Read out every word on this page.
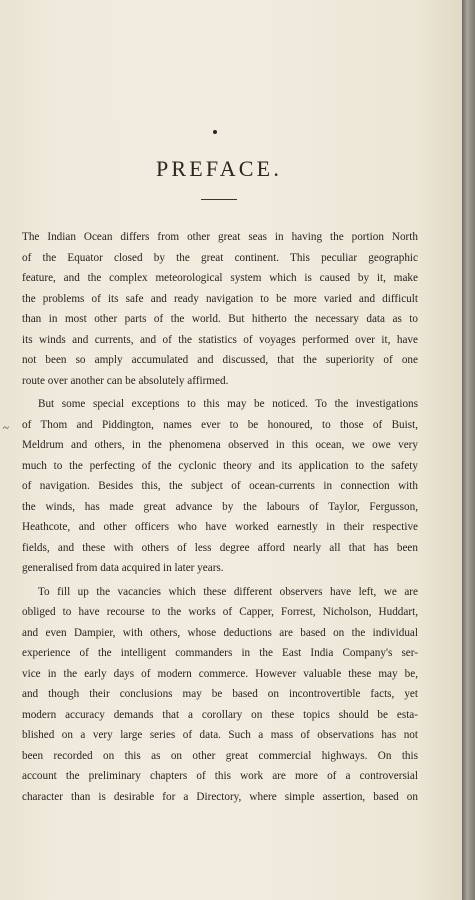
PREFACE.
~
The Indian Ocean differs from other great seas in having the portion North
of the Equator closed by the great continent. This peculiar geographic
feature, and the complex meteorological system which is caused by it, make
the problems of its safe and ready navigation to be more varied and difficult
than in most other parts of the world. But hitherto the necessary data as to
its winds and currents, and of the statistics of voyages performed over it, have
not been so amply accumulated and discussed, that the superiority of one
route over another can be absolutely affirmed.
But some special exceptions to this may be noticed. To the investigations
of Thom and Piddington, names ever to be honoured, to those of Buist,
Meldrum and others, in the phenomena observed in this ocean, we owe very
much to the perfecting of the cyclonic theory and its application to the safety
of navigation. Besides this, the subject of ocean-currents in connection with
the winds, has made great advance by the labours of Taylor, Fergusson,
Heathcote, and other officers who have worked earnestly in their respective
fields, and these with others of less degree afford nearly all that has been
generalised from data acquired in later years.
To fill up the vacancies which these different observers have left, we are
obliged to have recourse to the works of Capper, Forrest, Nicholson, Huddart,
and even Dampier, with others, whose deductions are based on the individual
experience of the intelligent commanders in the East India Company's ser-
vice in the early days of modern commerce. However valuable these may be,
and though their conclusions may be based on incontrovertible facts, yet
modern accuracy demands that a corollary on these topics should be esta-
blished on a very large series of data. Such a mass of observations has not
been recorded on this as on other great commercial highways. On this
account the preliminary chapters of this work are more of a controversial
character than is desirable for a Directory, where simple assertion, based on
